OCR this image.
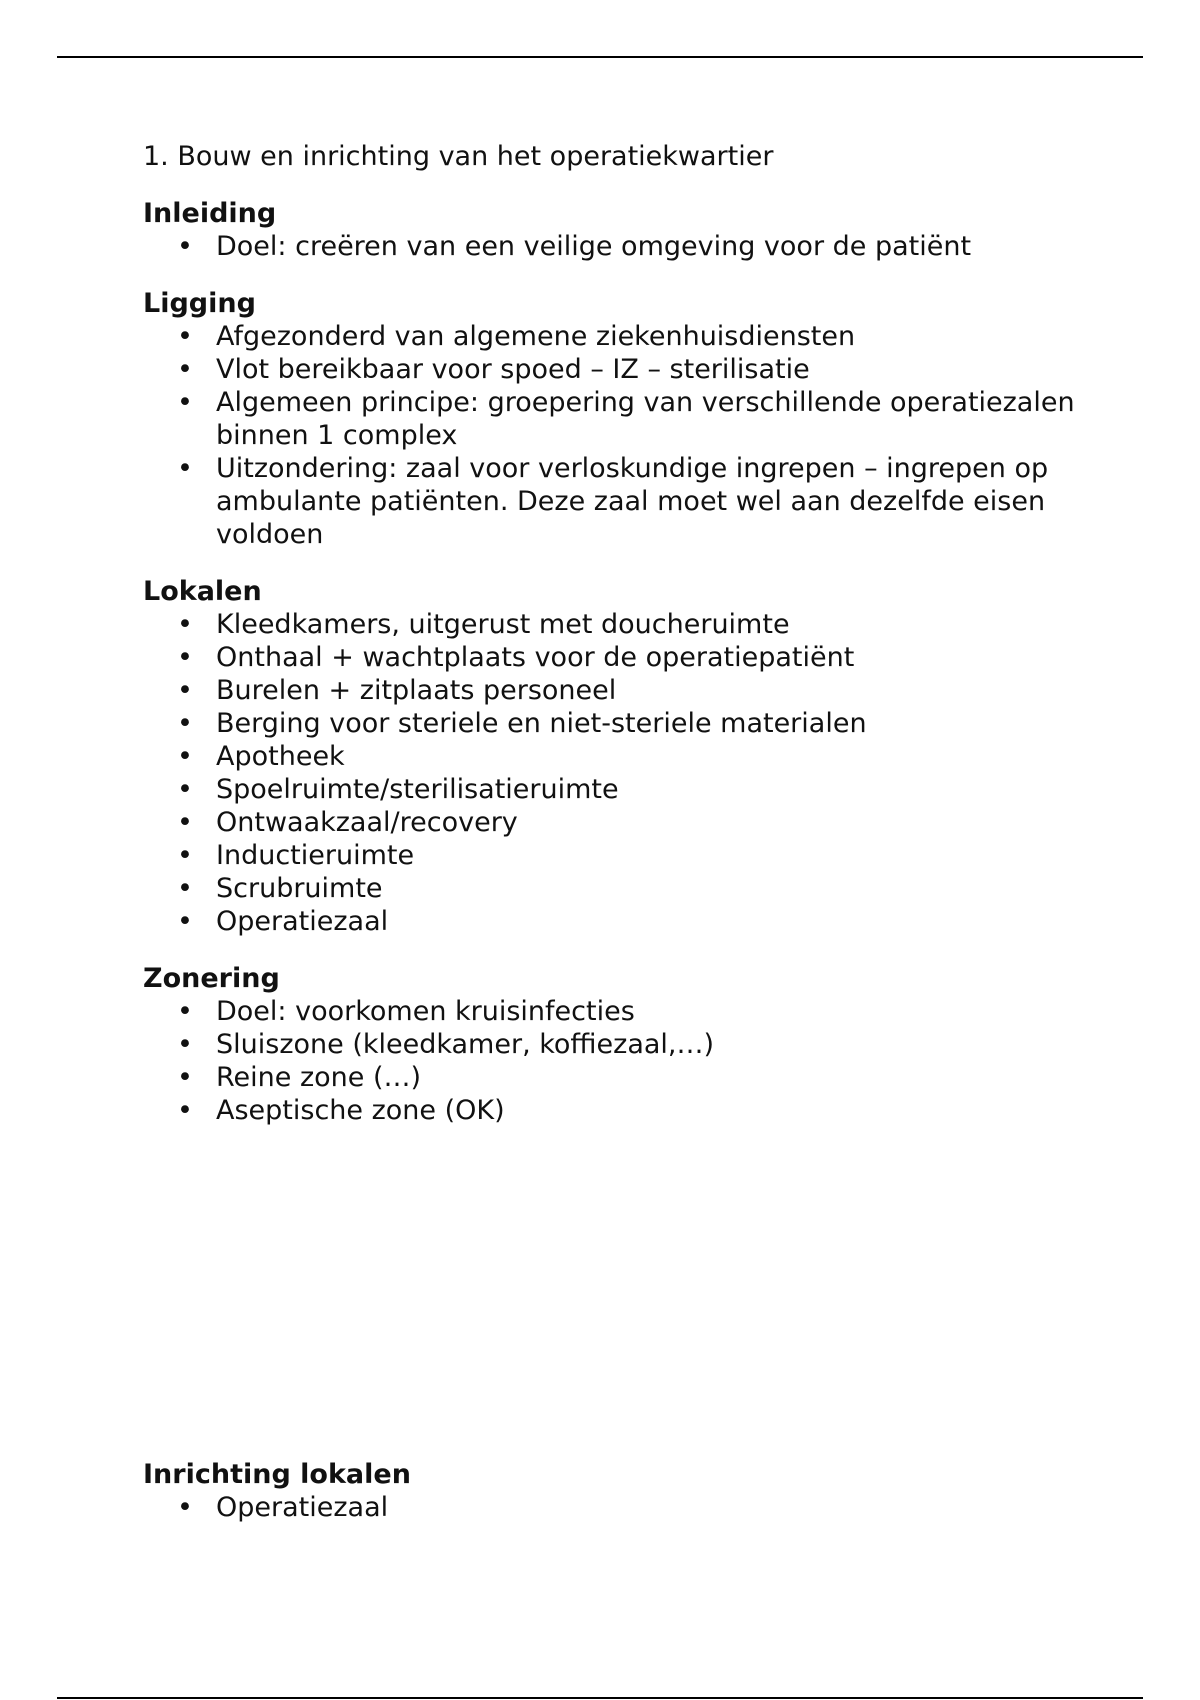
1. Bouw en inrichting van het operatiekwartier

Inleiding
• Doel: creëren van een veilige omgeving voor de patiënt
Ligging
• Afgezonderd van algemene ziekenhuisdiensten
• Vlot bereikbaar voor spoed – IZ – sterilisatie
• Algemeen principe: groepering van verschillende operatiezalen binnen 1 complex
• Uitzondering: zaal voor verloskundige ingrepen – ingrepen op ambulante patiënten. Deze zaal moet wel aan dezelfde eisen voldoen
Lokalen
• Kleedkamers, uitgerust met doucheruimte
• Onthaal + wachtplaats voor de operatiepatiënt
• Burelen + zitplaats personeel
• Berging voor steriele en niet-steriele materialen
• Apotheek
• Spoelruimte/sterilisatieruimte
• Ontwaakzaal/recovery
• Inductieruimte
• Scrubruimte
• Operatiezaal
Zonering
• Doel: voorkomen kruisinfecties
• Sluiszone (kleedkamer, koffiezaal,…)
• Reine zone (…)
• Aseptische zone (OK)
Inrichting lokalen
• Operatiezaal
